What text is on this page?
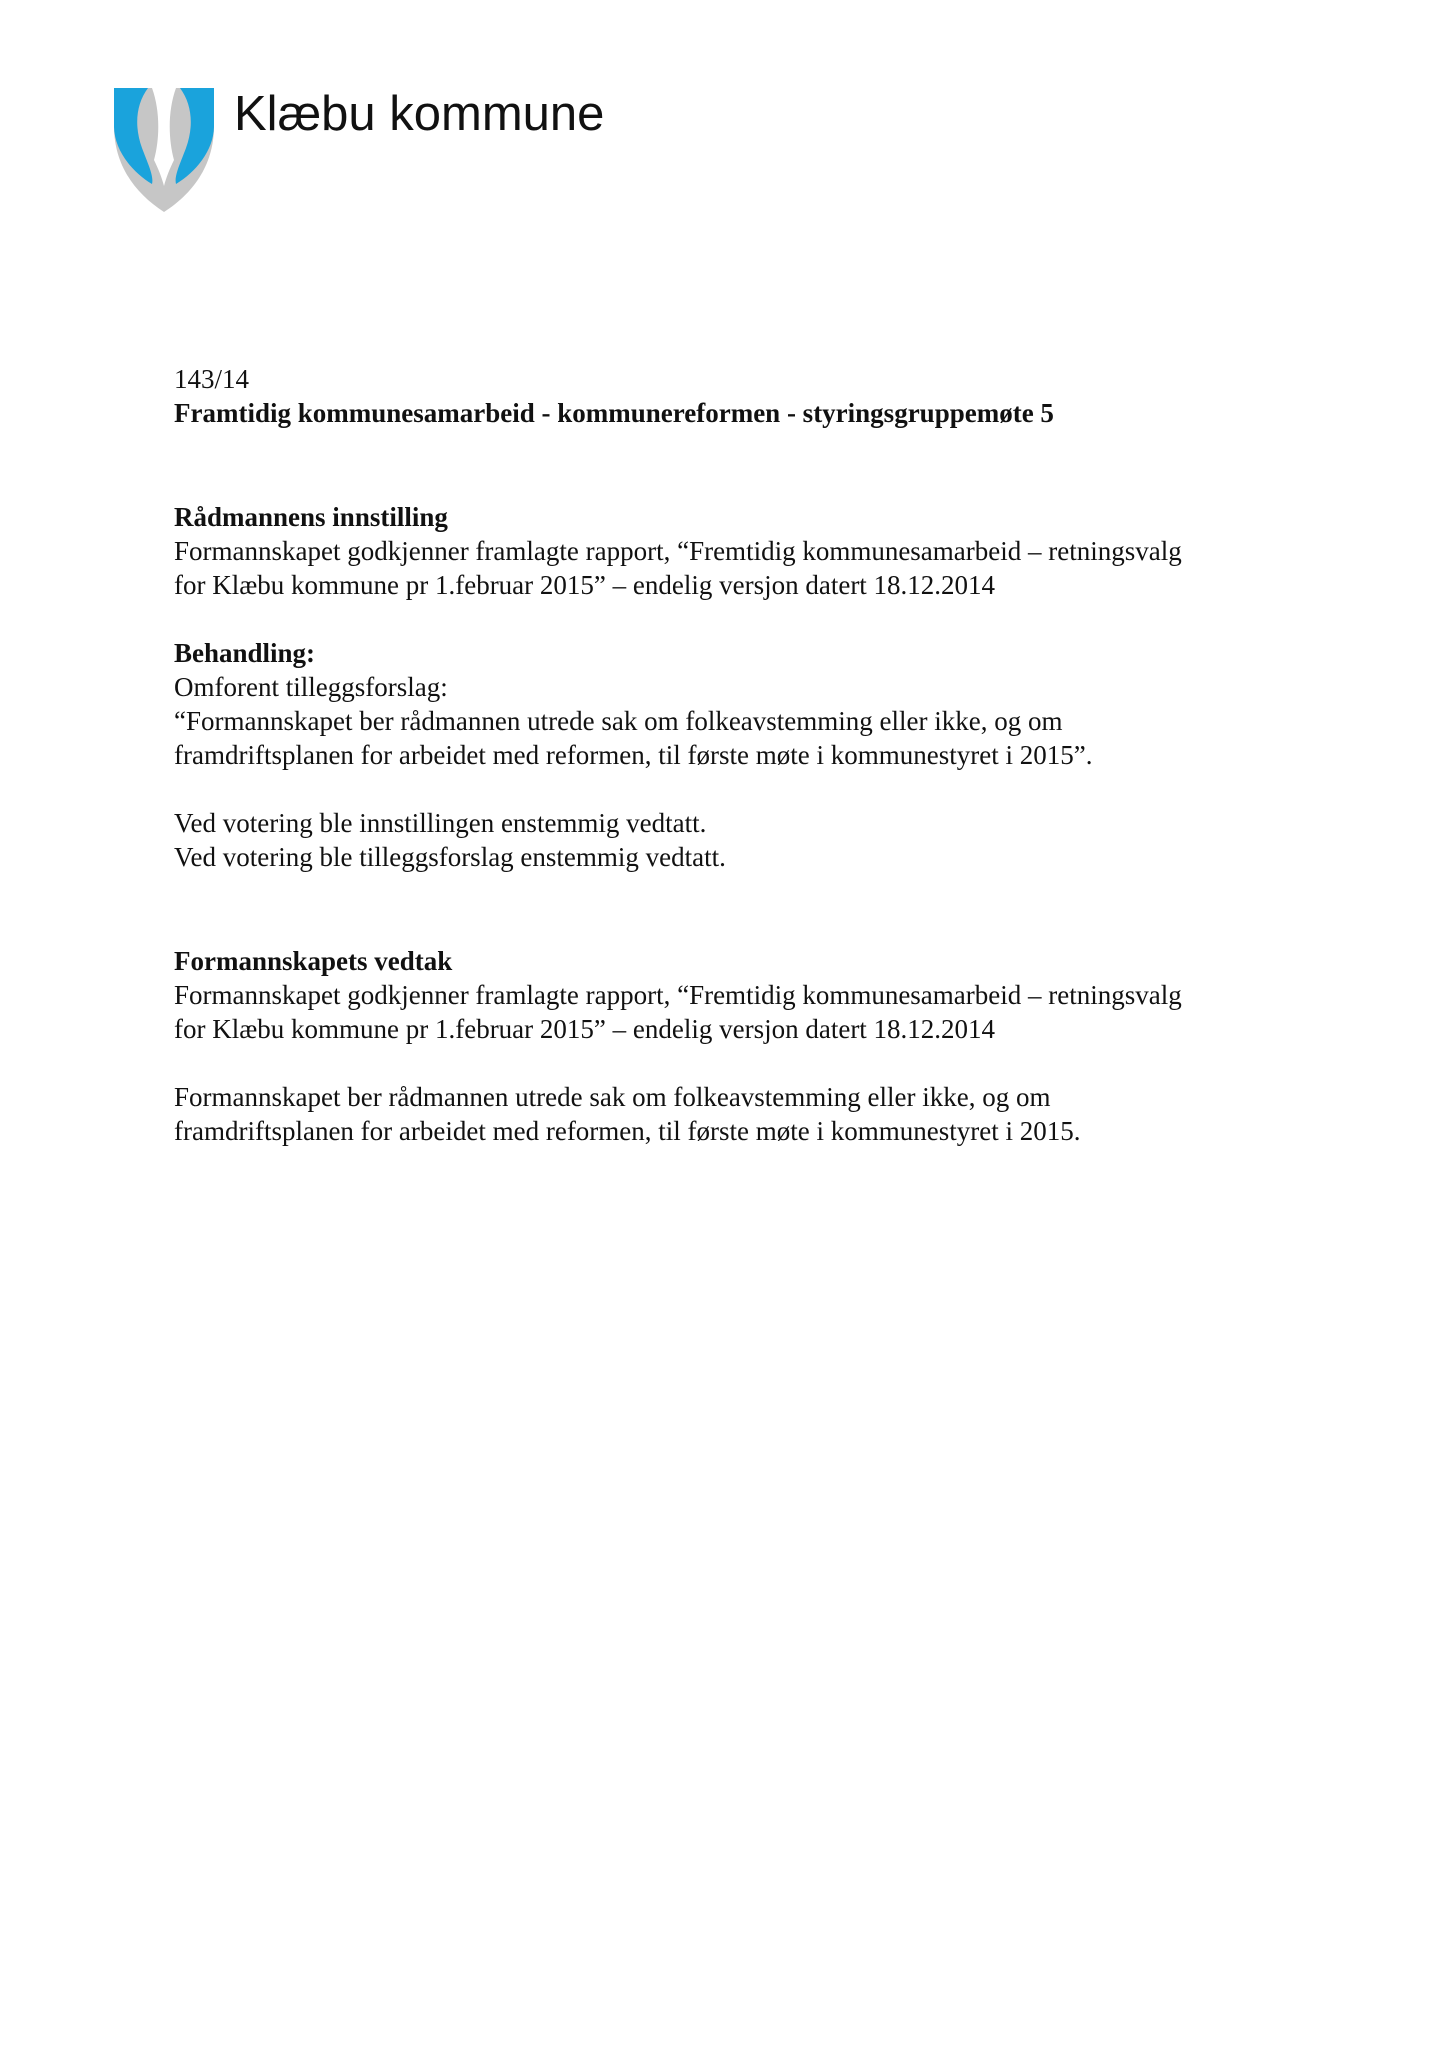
Klæbu kommune

143/14

Framtidig kommunesamarbeid - kommunereformen - styringsgruppemøte 5

Rådmannens innstilling

Formannskapet godkjenner framlagte rapport, “Fremtidig kommunesamarbeid – retningsvalg

for Klæbu kommune pr 1.februar 2015” – endelig versjon datert 18.12.2014

Behandling:

Omforent tilleggsforslag:

“Formannskapet ber rådmannen utrede sak om folkeavstemming eller ikke, og om

framdriftsplanen for arbeidet med reformen, til første møte i kommunestyret i 2015”.

Ved votering ble innstillingen enstemmig vedtatt.

Ved votering ble tilleggsforslag enstemmig vedtatt.

Formannskapets vedtak

Formannskapet godkjenner framlagte rapport, “Fremtidig kommunesamarbeid – retningsvalg

for Klæbu kommune pr 1.februar 2015” – endelig versjon datert 18.12.2014

Formannskapet ber rådmannen utrede sak om folkeavstemming eller ikke, og om

framdriftsplanen for arbeidet med reformen, til første møte i kommunestyret i 2015.
